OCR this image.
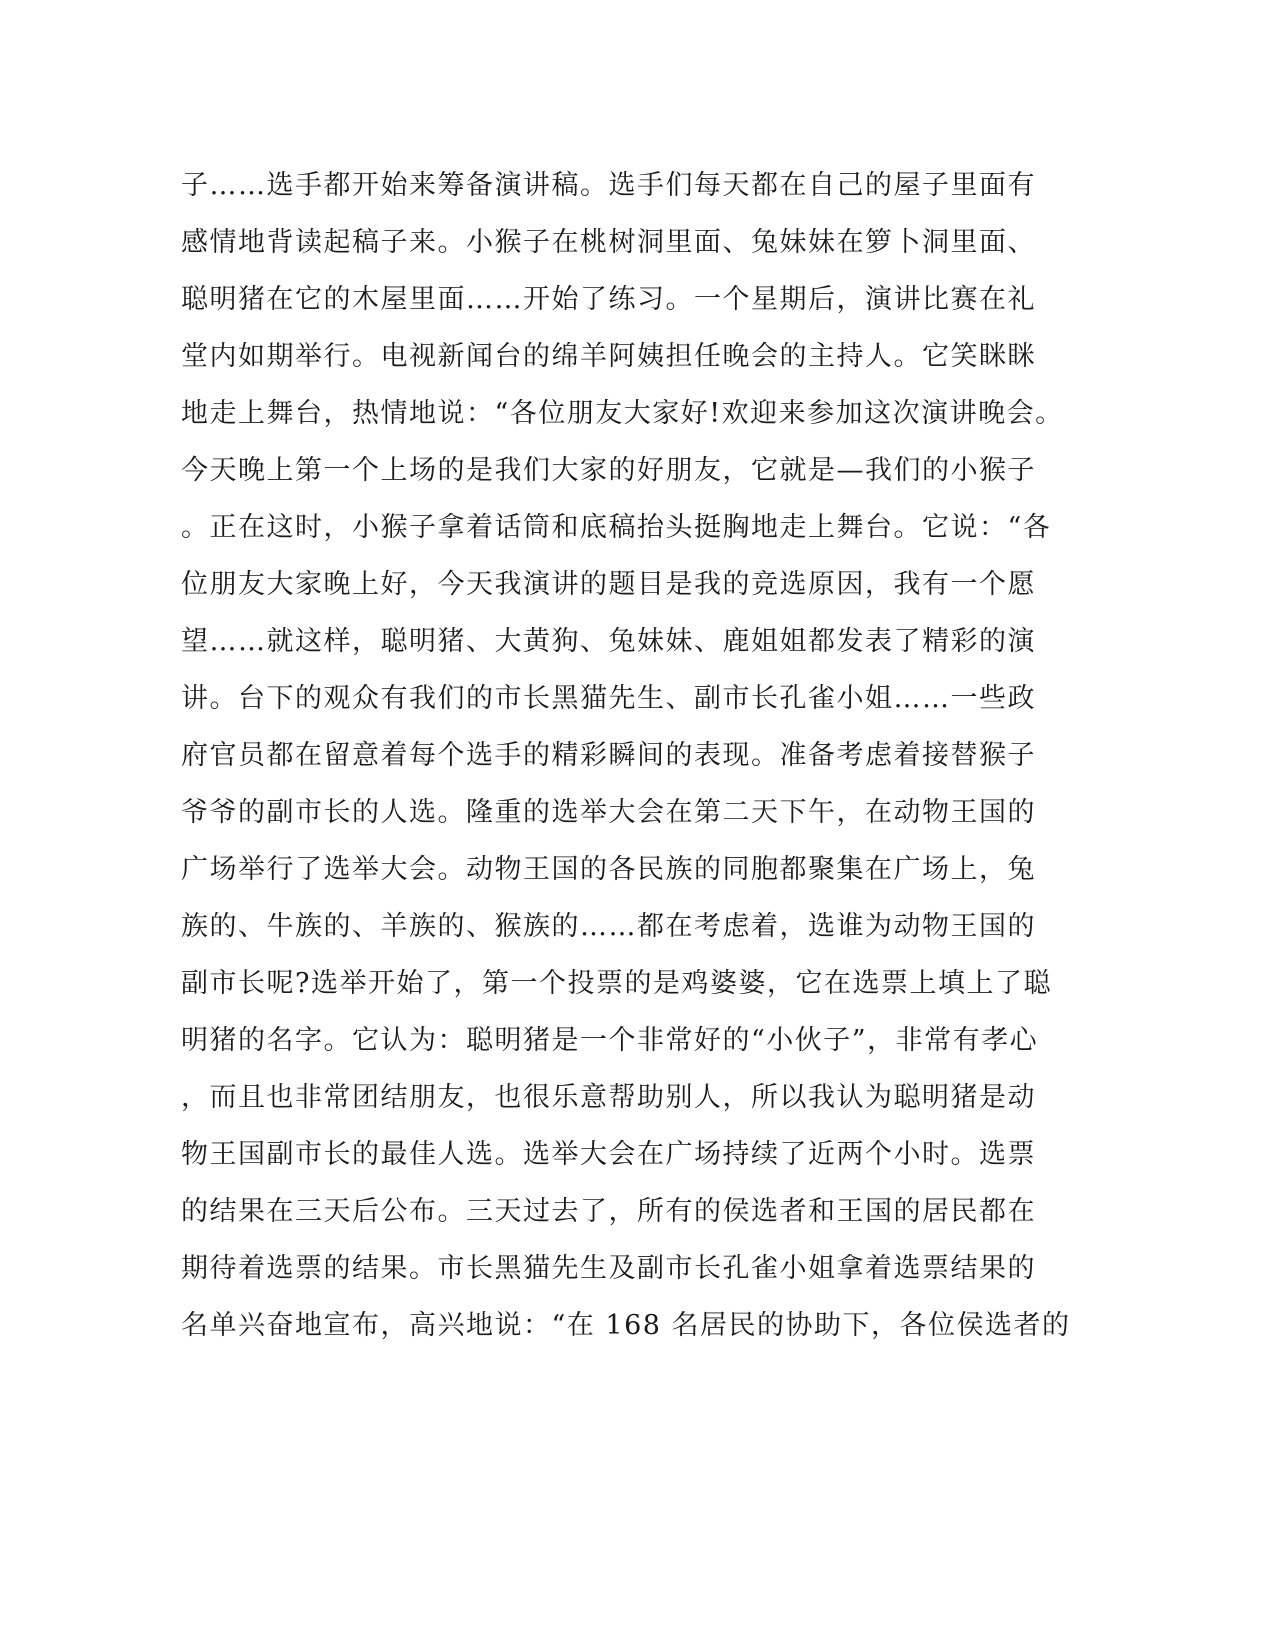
子……选手都开始来筹备演讲稿。选手们每天都在自己的屋子里面有

感情地背读起稿子来。小猴子在桃树洞里面、兔妹妹在箩卜洞里面、

聪明猪在它的木屋里面……开始了练习。一个星期后，演讲比赛在礼

堂内如期举行。电视新闻台的绵羊阿姨担任晚会的主持人。它笑眯眯

地走上舞台，热情地说：“各位朋友大家好!欢迎来参加这次演讲晚会。

今天晚上第一个上场的是我们大家的好朋友，它就是—我们的小猴子

。正在这时，小猴子拿着话筒和底稿抬头挺胸地走上舞台。它说：“各

位朋友大家晚上好，今天我演讲的题目是我的竞选原因，我有一个愿

望……就这样，聪明猪、大黄狗、兔妹妹、鹿姐姐都发表了精彩的演

讲。台下的观众有我们的市长黑猫先生、副市长孔雀小姐……一些政

府官员都在留意着每个选手的精彩瞬间的表现。准备考虑着接替猴子

爷爷的副市长的人选。隆重的选举大会在第二天下午，在动物王国的

广场举行了选举大会。动物王国的各民族的同胞都聚集在广场上，兔

族的、牛族的、羊族的、猴族的……都在考虑着，选谁为动物王国的

副市长呢?选举开始了，第一个投票的是鸡婆婆，它在选票上填上了聪

明猪的名字。它认为：聪明猪是一个非常好的“小伙子”，非常有孝心

，而且也非常团结朋友，也很乐意帮助别人，所以我认为聪明猪是动

物王国副市长的最佳人选。选举大会在广场持续了近两个小时。选票

的结果在三天后公布。三天过去了，所有的侯选者和王国的居民都在

期待着选票的结果。市长黑猫先生及副市长孔雀小姐拿着选票结果的

名单兴奋地宣布，高兴地说：“在 168 名居民的协助下，各位侯选者的
